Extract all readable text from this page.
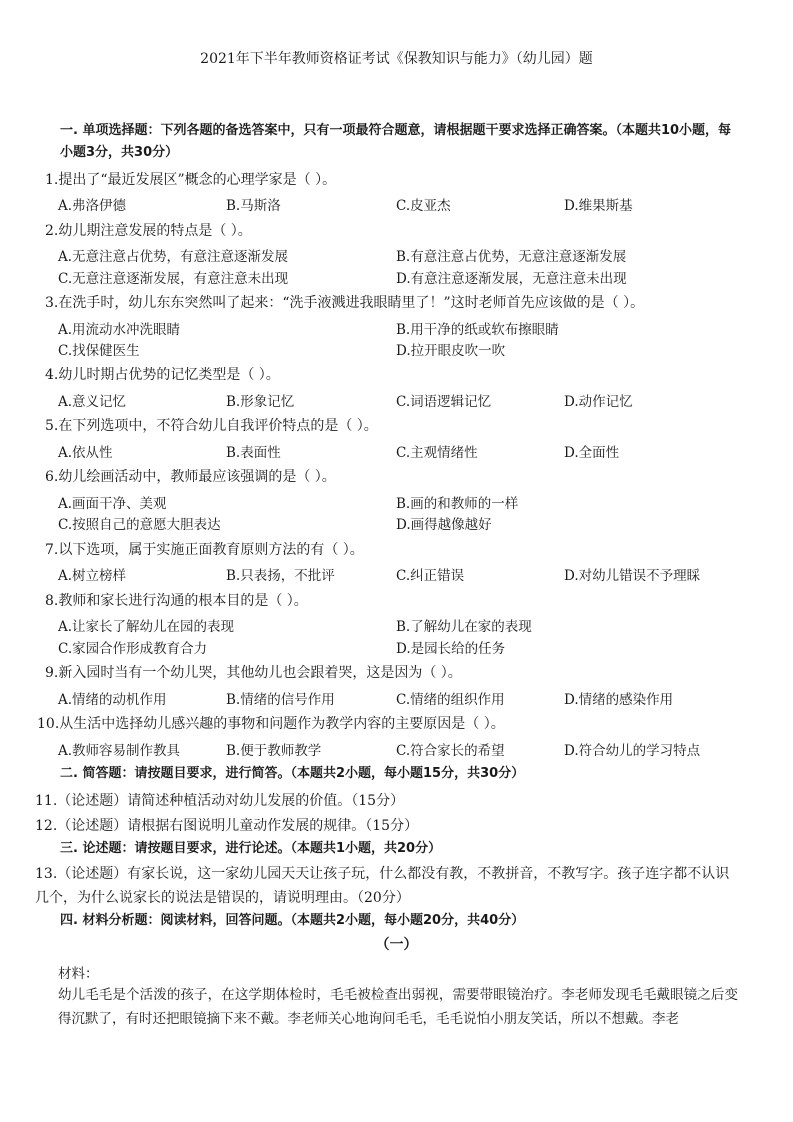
2021年下半年教师资格证考试《保教知识与能力》（幼儿园）题
一. 单项选择题：下列各题的备选答案中，只有一项最符合题意，请根据题干要求选择正确答案。（本题共10小题，每小题3分，共30分）
1.提出了“最近发展区”概念的心理学家是（ ）。
A.弗洛伊德	B.马斯洛	C.皮亚杰	D.维果斯基
2.幼儿期注意发展的特点是（ ）。
A.无意注意占优势，有意注意逐渐发展	B.有意注意占优势，无意注意逐渐发展
C.无意注意逐渐发展，有意注意未出现	D.有意注意逐渐发展，无意注意未出现
3.在洗手时，幼儿东东突然叫了起来：“洗手液溅进我眼睛里了！”这时老师首先应该做的是（ ）。
A.用流动水冲洗眼睛	B.用干净的纸或软布擦眼睛
C.找保健医生	D.拉开眼皮吹一吹
4.幼儿时期占优势的记忆类型是（ ）。
A.意义记忆	B.形象记忆	C.词语逻辑记忆	D.动作记忆
5.在下列选项中，不符合幼儿自我评价特点的是（ ）。
A.依从性	B.表面性	C.主观情绪性	D.全面性
6.幼儿绘画活动中，教师最应该强调的是（ ）。
A.画面干净、美观	B.画的和教师的一样
C.按照自己的意愿大胆表达	D.画得越像越好
7.以下选项，属于实施正面教育原则方法的有（ ）。
A.树立榜样	B.只表扬，不批评	C.纠正错误	D.对幼儿错误不予理睬
8.教师和家长进行沟通的根本目的是（ ）。
A.让家长了解幼儿在园的表现	B.了解幼儿在家的表现
C.家园合作形成教育合力	D.是园长给的任务
9.新入园时当有一个幼儿哭，其他幼儿也会跟着哭，这是因为（ ）。
A.情绪的动机作用	B.情绪的信号作用	C.情绪的组织作用	D.情绪的感染作用
10.从生活中选择幼儿感兴趣的事物和问题作为教学内容的主要原因是（ ）。
A.教师容易制作教具	B.便于教师教学	C.符合家长的希望	D.符合幼儿的学习特点
二. 简答题：请按题目要求，进行简答。（本题共2小题，每小题15分，共30分）
11.（论述题）请简述种植活动对幼儿发展的价值。（15分）
12.（论述题）请根据右图说明儿童动作发展的规律。（15分）
三. 论述题：请按题目要求，进行论述。（本题共1小题，共20分）
13.（论述题）有家长说，这一家幼儿园天天让孩子玩，什么都没有教，不教拼音，不教写字。孩子连字都不认识几个，为什么说家长的说法是错误的，请说明理由。（20分）
四. 材料分析题：阅读材料，回答问题。（本题共2小题，每小题20分，共40分）
（一）
材料：
幼儿毛毛是个活泼的孩子，在这学期体检时，毛毛被检查出弱视，需要带眼镜治疗。李老师发现毛毛戴眼镜之后变得沉默了，有时还把眼镜摘下来不戴。李老师关心地询问毛毛，毛毛说怕小朋友笑话，所以不想戴。李老
